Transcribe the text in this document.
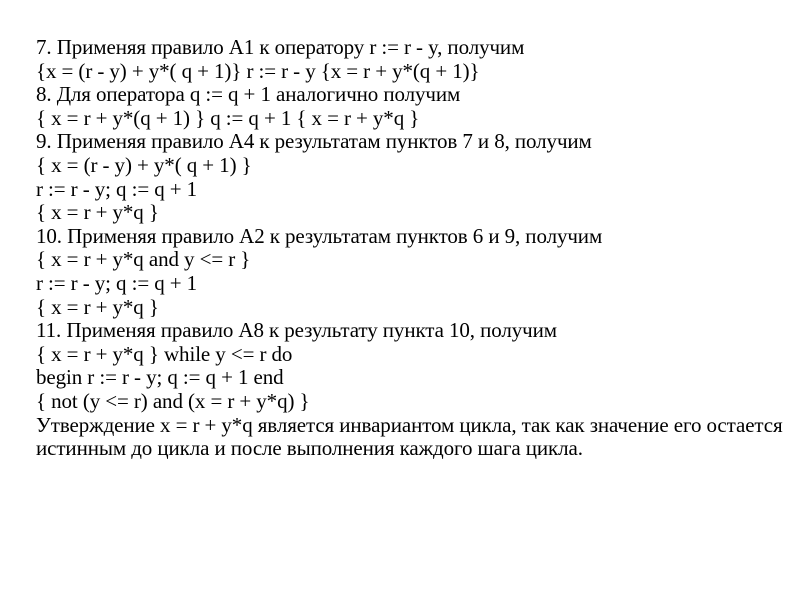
7. Применяя правило A1 к оператору r := r - y, получим
{x = (r - y) + y*( q + 1)} r := r - y {x = r + y*(q + 1)}
8. Для оператора q := q + 1 аналогично получим
{ x = r + y*(q + 1) } q := q + 1 { x = r + y*q }
9. Применяя правило A4 к результатам пунктов 7 и 8, получим
{ x = (r - y) + y*( q + 1) }
r := r - y; q := q + 1
{ x = r + y*q }
10. Применяя правило A2 к результатам пунктов 6 и 9, получим
{ x = r + y*q and y <= r }
r := r - y; q := q + 1
{ x = r + y*q }
11. Применяя правило A8 к результату пункта 10, получим
{ x = r + y*q } while y <= r do
begin r := r - y; q := q + 1 end
{ not (y <= r) and (x = r + y*q) }
Утверждение x = r + y*q является инвариантом цикла, так как значение его остается истинным до цикла и после выполнения каждого шага цикла.
